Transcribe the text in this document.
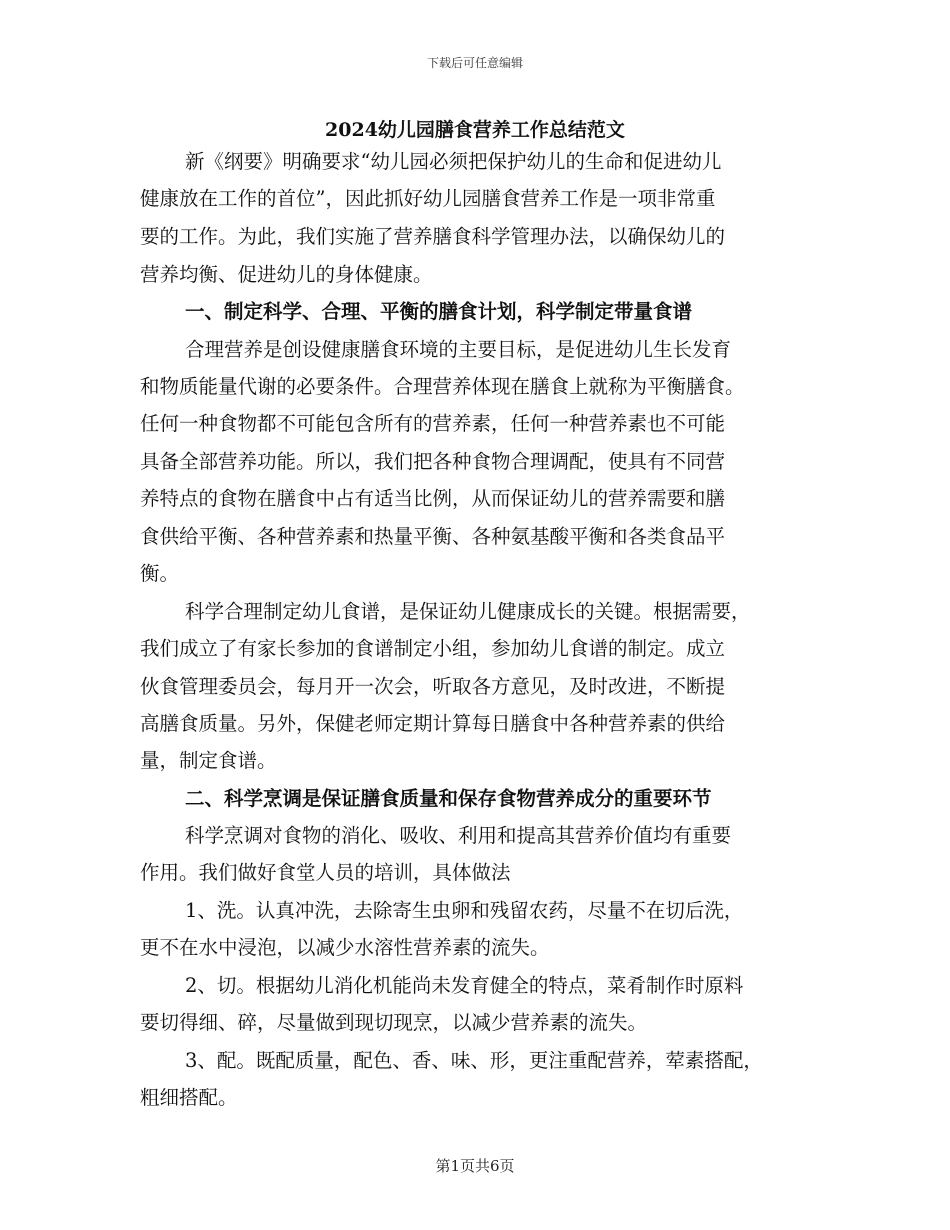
下载后可任意编辑
2024幼儿园膳食营养工作总结范文

新《纲要》明确要求“幼儿园必须把保护幼儿的生命和促进幼儿

健康放在工作的首位”，因此抓好幼儿园膳食营养工作是一项非常重

要的工作。为此，我们实施了营养膳食科学管理办法，以确保幼儿的

营养均衡、促进幼儿的身体健康。

一、制定科学、合理、平衡的膳食计划，科学制定带量食谱

合理营养是创设健康膳食环境的主要目标，是促进幼儿生长发育

和物质能量代谢的必要条件。合理营养体现在膳食上就称为平衡膳食。

任何一种食物都不可能包含所有的营养素，任何一种营养素也不可能

具备全部营养功能。所以，我们把各种食物合理调配，使具有不同营

养特点的食物在膳食中占有适当比例，从而保证幼儿的营养需要和膳

食供给平衡、各种营养素和热量平衡、各种氨基酸平衡和各类食品平

衡。

科学合理制定幼儿食谱，是保证幼儿健康成长的关键。根据需要，

我们成立了有家长参加的食谱制定小组，参加幼儿食谱的制定。成立

伙食管理委员会，每月开一次会，听取各方意见，及时改进，不断提

高膳食质量。另外，保健老师定期计算每日膳食中各种营养素的供给

量，制定食谱。

二、科学烹调是保证膳食质量和保存食物营养成分的重要环节

科学烹调对食物的消化、吸收、利用和提高其营养价值均有重要

作用。我们做好食堂人员的培训，具体做法

1、洗。认真冲洗，去除寄生虫卵和残留农药，尽量不在切后洗，

更不在水中浸泡，以减少水溶性营养素的流失。

2、切。根据幼儿消化机能尚未发育健全的特点，菜肴制作时原料

要切得细、碎，尽量做到现切现烹，以减少营养素的流失。

3、配。既配质量，配色、香、味、形，更注重配营养，荤素搭配，

粗细搭配。

第1页共6页
